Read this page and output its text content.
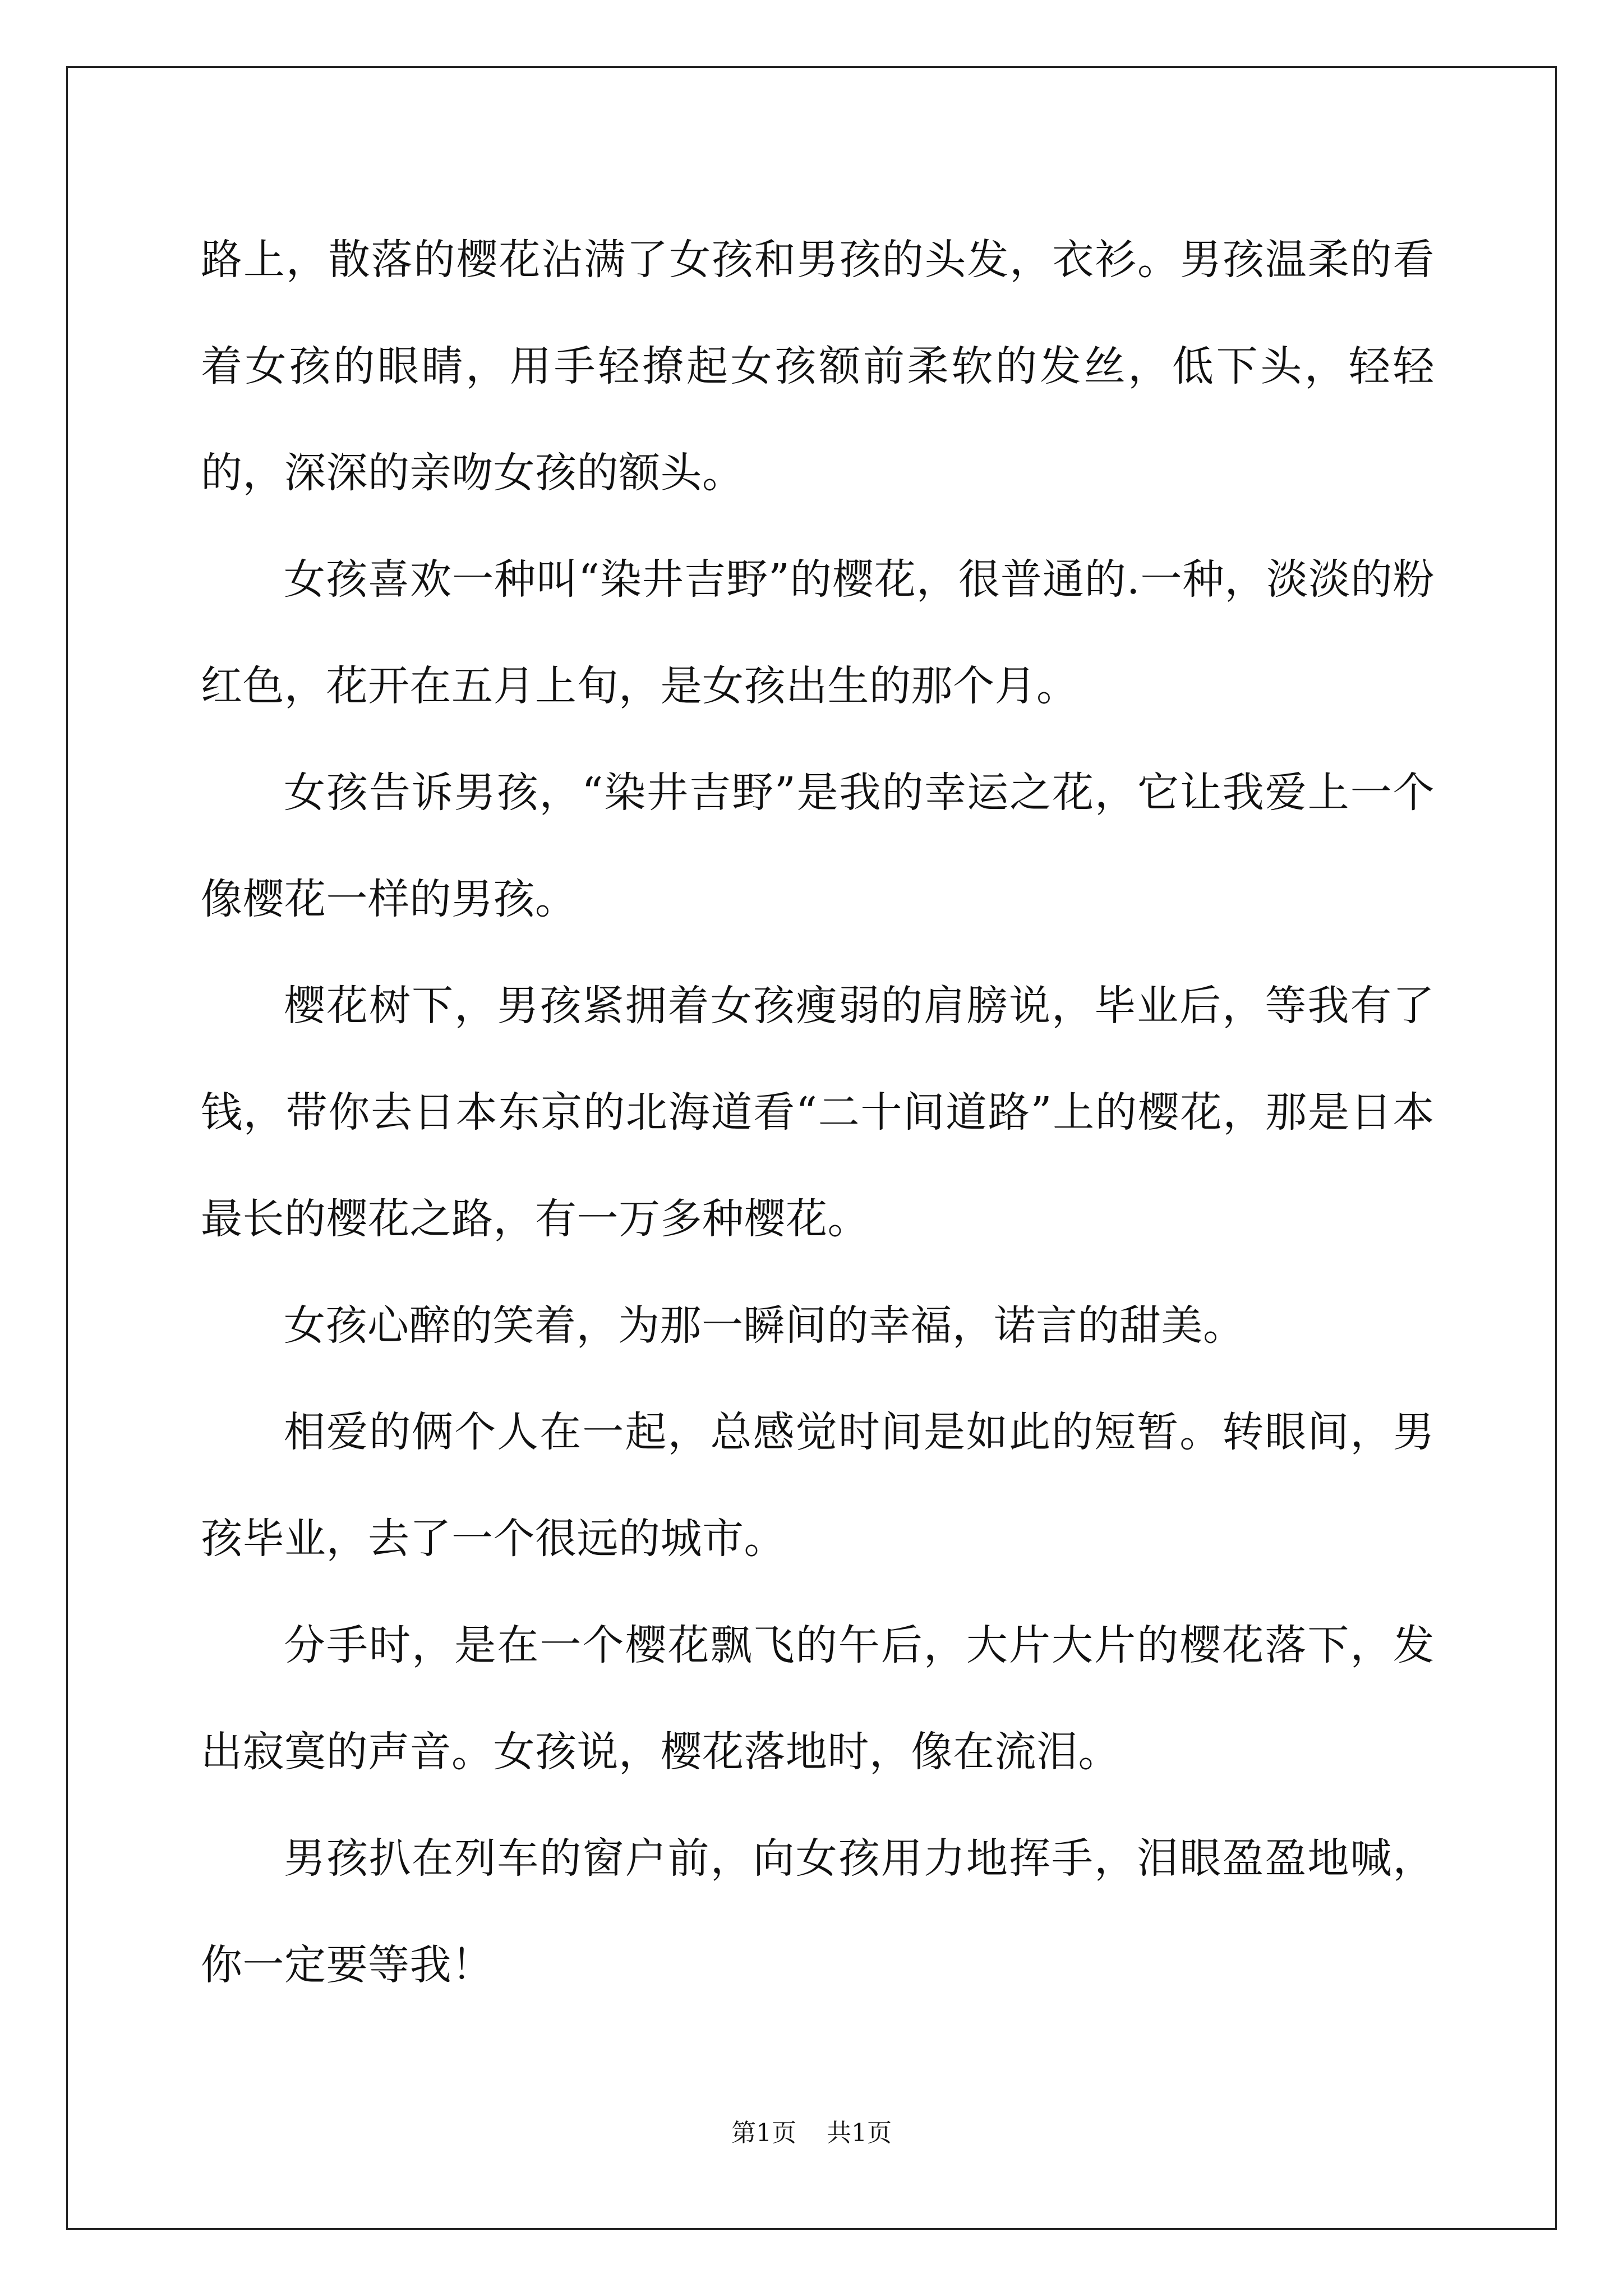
路上，散落的樱花沾满了女孩和男孩的头发，衣衫。男孩温柔的看着女孩的眼睛，用手轻撩起女孩额前柔软的发丝，低下头，轻轻的，深深的亲吻女孩的额头。

女孩喜欢一种叫“染井吉野”的樱花，很普通的.一种，淡淡的粉红色，花开在五月上旬，是女孩出生的那个月。

女孩告诉男孩，“染井吉野”是我的幸运之花，它让我爱上一个像樱花一样的男孩。

樱花树下，男孩紧拥着女孩瘦弱的肩膀说，毕业后，等我有了钱，带你去日本东京的北海道看“二十间道路”上的樱花，那是日本最长的樱花之路，有一万多种樱花。

女孩心醉的笑着，为那一瞬间的幸福，诺言的甜美。

相爱的俩个人在一起，总感觉时间是如此的短暂。转眼间，男孩毕业，去了一个很远的城市。

分手时，是在一个樱花飘飞的午后，大片大片的樱花落下，发出寂寞的声音。女孩说，樱花落地时，像在流泪。

男孩扒在列车的窗户前，向女孩用力地挥手，泪眼盈盈地喊，你一定要等我！

第1页 共1页
